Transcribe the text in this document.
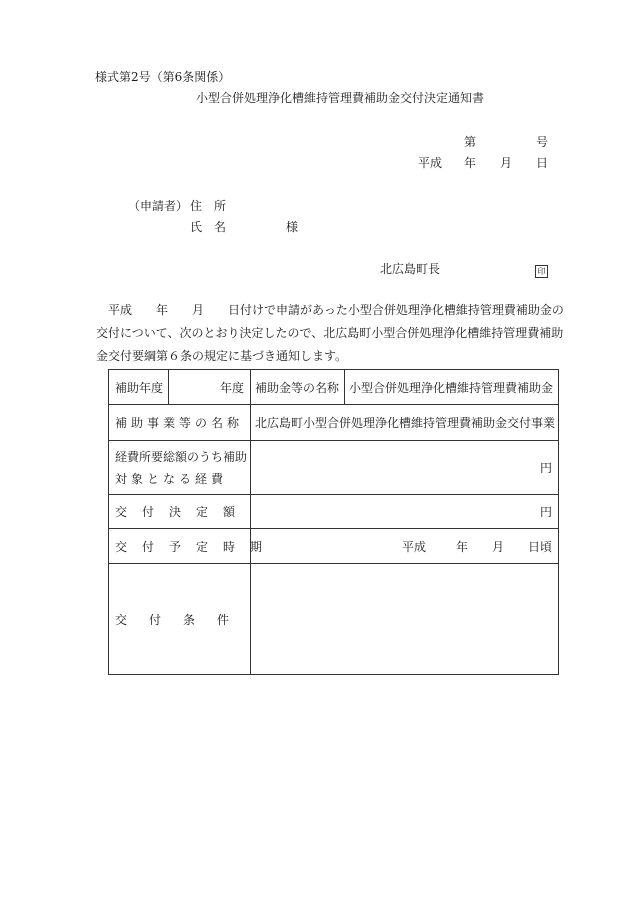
様式第2号（第6条関係）
小型合併処理浄化槽維持管理費補助金交付決定通知書
第	号
平成 年 月 日
（申請者） 住　所
氏　名	様
北広島町長	印
　平成　　年　　月　　日付けで申請があった小型合併処理浄化槽維持管理費補助金の
交付について、次のとおり決定したので、北広島町小型合併処理浄化槽維持管理費補助
金交付要綱第６条の規定に基づき通知します。
補助年度	年度	補助金等の名称	小型合併処理浄化槽維持管理費補助金
補助事業等の名称		北広島町小型合併処理浄化槽維持管理費補助金交付事業	

経費所要総額のうち補助
対象となる経費		円	
交付決定額		円	
交付予定時期		平成 年 月 日頃	
交付条件			
